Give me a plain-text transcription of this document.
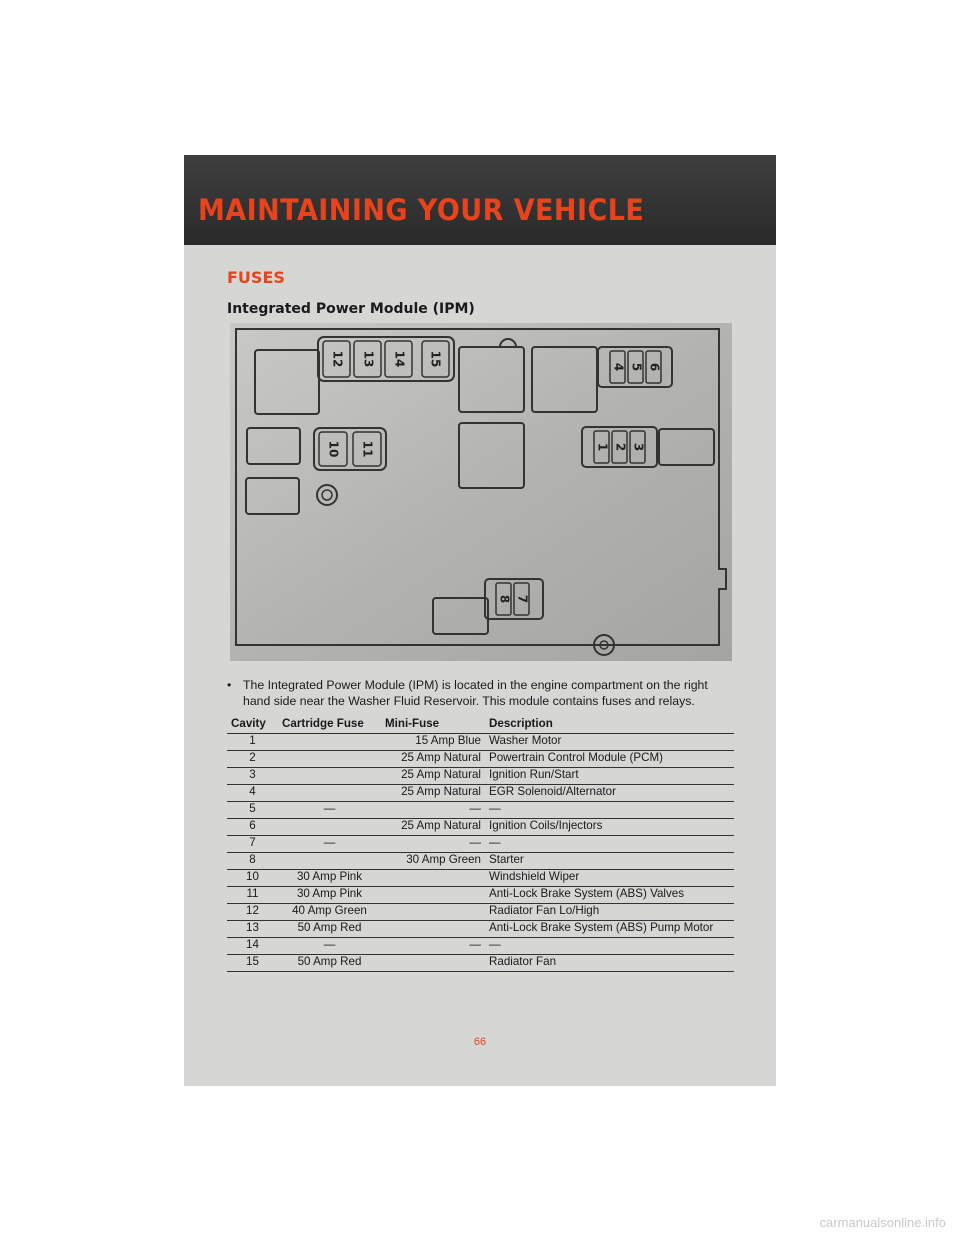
MAINTAINING YOUR VEHICLE
FUSES
Integrated Power Module (IPM)
12 13 14 15	6
5
4
10 11	1 2 3
7
8
• The Integrated Power Module (IPM) is located in the engine compartment on the right hand side near the Washer Fluid Reservoir. This module contains fuses and relays.
Cavity	Cartridge Fuse	Mini-Fuse	Description
1		15 Amp Blue	Washer Motor
2		25 Amp Natural	Powertrain Control Module (PCM)
3		25 Amp Natural	Ignition Run/Start
4		25 Amp Natural	EGR Solenoid/Alternator
5	—	—	—
6		25 Amp Natural	Ignition Coils/Injectors
7	—	—	—
8		30 Amp Green	Starter
10	30 Amp Pink		Windshield Wiper
11	30 Amp Pink		Anti-Lock Brake System (ABS) Valves
12	40 Amp Green		Radiator Fan Lo/High
13	50 Amp Red		Anti-Lock Brake System (ABS) Pump Motor
14	—	—	—
15	50 Amp Red		Radiator Fan
66
carmanualsonline.info
